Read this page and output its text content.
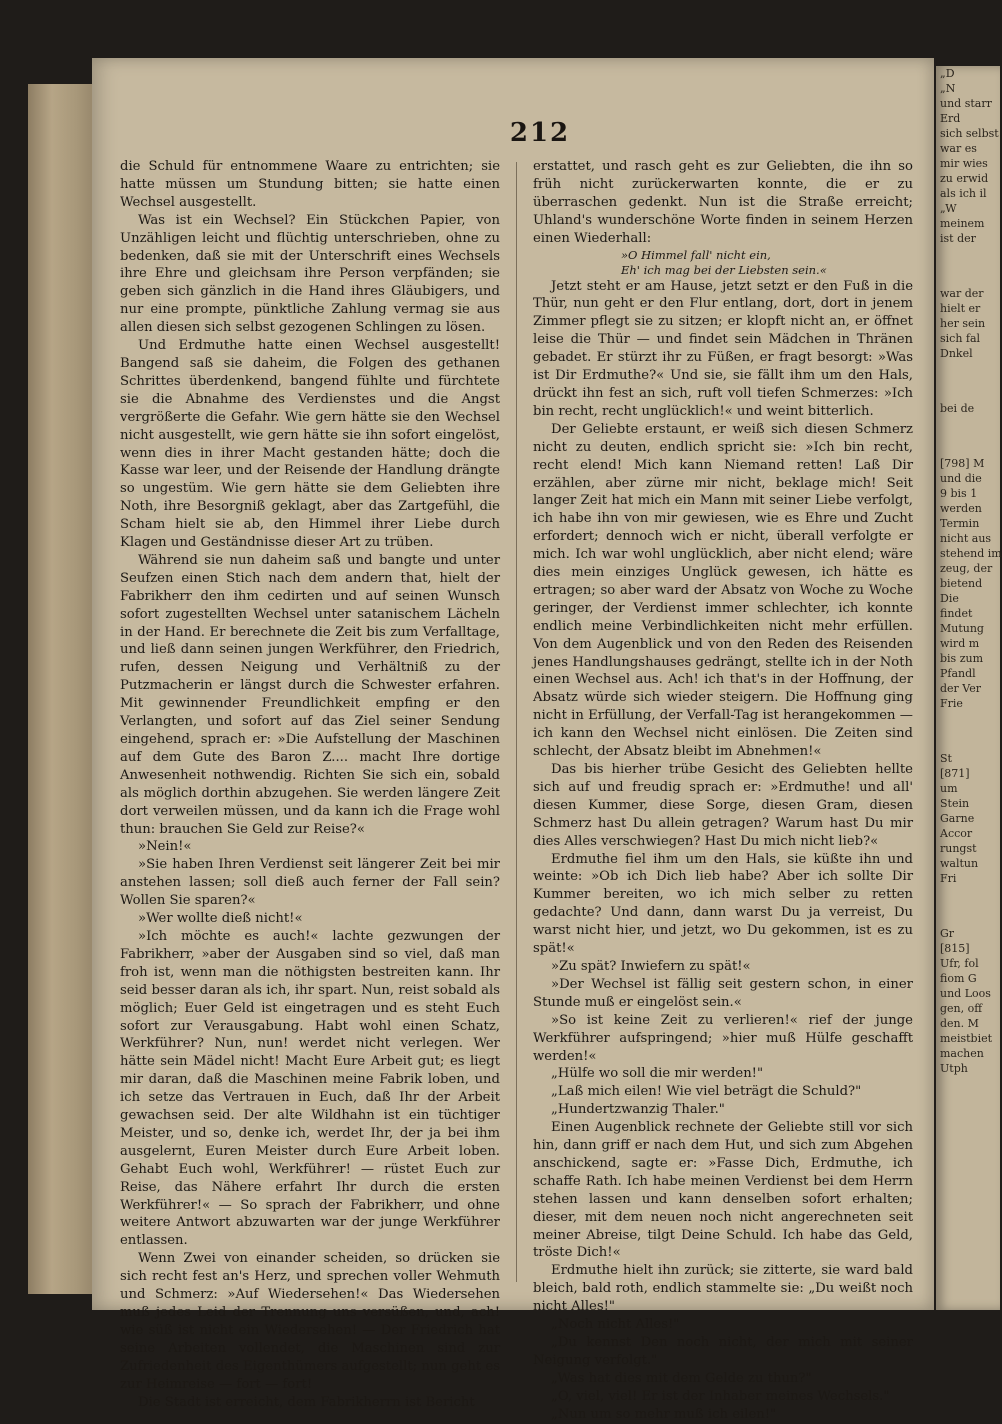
212

die Schuld für entnommene Waare zu entrichten; sie hatte müssen um Stundung bitten; sie hatte einen Wechsel ausgestellt.

Was ist ein Wechsel? Ein Stückchen Papier, von Unzähligen leicht und flüchtig unterschrieben, ohne zu bedenken, daß sie mit der Unterschrift eines Wechsels ihre Ehre und gleichsam ihre Person verpfänden; sie geben sich gänzlich in die Hand ihres Gläubigers, und nur eine prompte, pünktliche Zahlung vermag sie aus allen diesen sich selbst gezogenen Schlingen zu lösen.

Und Erdmuthe hatte einen Wechsel ausgestellt! Bangend saß sie daheim, die Folgen des gethanen Schrittes überdenkend, bangend fühlte und fürchtete sie die Abnahme des Verdienstes und die Angst vergrößerte die Gefahr. Wie gern hätte sie den Wechsel nicht ausgestellt, wie gern hätte sie ihn sofort eingelöst, wenn dies in ihrer Macht gestanden hätte; doch die Kasse war leer, und der Reisende der Handlung drängte so ungestüm. Wie gern hätte sie dem Geliebten ihre Noth, ihre Besorgniß geklagt, aber das Zartgefühl, die Scham hielt sie ab, den Himmel ihrer Liebe durch Klagen und Geständnisse dieser Art zu trüben.

Während sie nun daheim saß und bangte und unter Seufzen einen Stich nach dem andern that, hielt der Fabrikherr den ihm cedirten und auf seinen Wunsch sofort zugestellten Wechsel unter satanischem Lächeln in der Hand. Er berechnete die Zeit bis zum Verfalltage, und ließ dann seinen jungen Werkführer, den Friedrich, rufen, dessen Neigung und Verhältniß zu der Putzmacherin er längst durch die Schwester erfahren. Mit gewinnender Freundlichkeit empfing er den Verlangten, und sofort auf das Ziel seiner Sendung eingehend, sprach er: »Die Aufstellung der Maschinen auf dem Gute des Baron Z.... macht Ihre dortige Anwesenheit nothwendig. Richten Sie sich ein, sobald als möglich dorthin abzugehen. Sie werden längere Zeit dort verweilen müssen, und da kann ich die Frage wohl thun: brauchen Sie Geld zur Reise?«

»Nein!«

»Sie haben Ihren Verdienst seit längerer Zeit bei mir anstehen lassen; soll dieß auch ferner der Fall sein? Wollen Sie sparen?«

»Wer wollte dieß nicht!«

»Ich möchte es auch!« lachte gezwungen der Fabrikherr, »aber der Ausgaben sind so viel, daß man froh ist, wenn man die nöthigsten bestreiten kann. Ihr seid besser daran als ich, ihr spart. Nun, reist sobald als möglich; Euer Geld ist eingetragen und es steht Euch sofort zur Verausgabung. Habt wohl einen Schatz, Werkführer? Nun, nun! werdet nicht verlegen. Wer hätte sein Mädel nicht! Macht Eure Arbeit gut; es liegt mir daran, daß die Maschinen meine Fabrik loben, und ich setze das Vertrauen in Euch, daß Ihr der Arbeit gewachsen seid. Der alte Wildhahn ist ein tüchtiger Meister, und so, denke ich, werdet Ihr, der ja bei ihm ausgelernt, Euren Meister durch Eure Arbeit loben. Gehabt Euch wohl, Werkführer! — rüstet Euch zur Reise, das Nähere erfahrt Ihr durch die ersten Werkführer!« — So sprach der Fabrikherr, und ohne weitere Antwort abzuwarten war der junge Werkführer entlassen.

Wenn Zwei von einander scheiden, so drücken sie sich recht fest an's Herz, und sprechen voller Wehmuth und Schmerz: »Auf Wiedersehen!« Das Wiedersehen muß jedes Leid der Trennung uns versüßen, und, ach! wie süß ist nicht ein Wiedersehen! — Der Friedrich hat seine Arbeiten vollendet, die Maschinen sind zur Zufriedenheit des Eigenthümers aufgestellt; nun geht es zur Heimreise — fort — fort!

Die Stadt ist erreicht, dem Fabrikherrn ist Bericht

erstattet, und rasch geht es zur Geliebten, die ihn so früh nicht zurückerwarten konnte, die er zu überraschen gedenkt. Nun ist die Straße erreicht; Uhland's wunderschöne Worte finden in seinem Herzen einen Wiederhall:

»O Himmel fall' nicht ein,

Eh' ich mag bei der Liebsten sein.«

Jetzt steht er am Hause, jetzt setzt er den Fuß in die Thür, nun geht er den Flur entlang, dort, dort in jenem Zimmer pflegt sie zu sitzen; er klopft nicht an, er öffnet leise die Thür — und findet sein Mädchen in Thränen gebadet. Er stürzt ihr zu Füßen, er fragt besorgt: »Was ist Dir Erdmuthe?« Und sie, sie fällt ihm um den Hals, drückt ihn fest an sich, ruft voll tiefen Schmerzes: »Ich bin recht, recht unglücklich!« und weint bitterlich.

Der Geliebte erstaunt, er weiß sich diesen Schmerz nicht zu deuten, endlich spricht sie: »Ich bin recht, recht elend! Mich kann Niemand retten! Laß Dir erzählen, aber zürne mir nicht, beklage mich! Seit langer Zeit hat mich ein Mann mit seiner Liebe verfolgt, ich habe ihn von mir gewiesen, wie es Ehre und Zucht erfordert; dennoch wich er nicht, überall verfolgte er mich. Ich war wohl unglücklich, aber nicht elend; wäre dies mein einziges Unglück gewesen, ich hätte es ertragen; so aber ward der Absatz von Woche zu Woche geringer, der Verdienst immer schlechter, ich konnte endlich meine Verbindlichkeiten nicht mehr erfüllen. Von dem Augenblick und von den Reden des Reisenden jenes Handlungshauses gedrängt, stellte ich in der Noth einen Wechsel aus. Ach! ich that's in der Hoffnung, der Absatz würde sich wieder steigern. Die Hoffnung ging nicht in Erfüllung, der Verfall-Tag ist herangekommen — ich kann den Wechsel nicht einlösen. Die Zeiten sind schlecht, der Absatz bleibt im Abnehmen!«

Das bis hierher trübe Gesicht des Geliebten hellte sich auf und freudig sprach er: »Erdmuthe! und all' diesen Kummer, diese Sorge, diesen Gram, diesen Schmerz hast Du allein getragen? Warum hast Du mir dies Alles verschwiegen? Hast Du mich nicht lieb?«

Erdmuthe fiel ihm um den Hals, sie küßte ihn und weinte: »Ob ich Dich lieb habe? Aber ich sollte Dir Kummer bereiten, wo ich mich selber zu retten gedachte? Und dann, dann warst Du ja verreist, Du warst nicht hier, und jetzt, wo Du gekommen, ist es zu spät!«

»Zu spät? Inwiefern zu spät!«

»Der Wechsel ist fällig seit gestern schon, in einer Stunde muß er eingelöst sein.«

»So ist keine Zeit zu verlieren!« rief der junge Werkführer aufspringend; »hier muß Hülfe geschafft werden!«

„Hülfe wo soll die mir werden!"

„Laß mich eilen! Wie viel beträgt die Schuld?"

„Hundertzwanzig Thaler."

Einen Augenblick rechnete der Geliebte still vor sich hin, dann griff er nach dem Hut, und sich zum Abgehen anschickend, sagte er: »Fasse Dich, Erdmuthe, ich schaffe Rath. Ich habe meinen Verdienst bei dem Herrn stehen lassen und kann denselben sofort erhalten; dieser, mit dem neuen noch nicht angerechneten seit meiner Abreise, tilgt Deine Schuld. Ich habe das Geld, tröste Dich!«

Erdmuthe hielt ihn zurück; sie zitterte, sie ward bald bleich, bald roth, endlich stammelte sie: „Du weißt noch nicht Alles!"

„Noch nicht Alles!"

„Du kennst Den noch nicht, der mich mit seiner Neigung verfolgt."

„Was hat dies mit dem Gelde zu thun?"

„O, viel, viel! Er ist der Inhaber meines Wechsels."

„Nun um so mehr muß ich eilen!"

„D
„N
und starr
Erd
sich selbst
war es
mir wies
zu erwid
als ich il
„W
meinem
ist der
war der
hielt er
her sein
sich fal
Dnkel
bei de
[798] M
und die
9 bis 1
werden
Termin
nicht aus
stehend im
zeug, der
bietend
Die
findet
Mutung
wird m
bis zum
Pfandl
der Ver
Frie
St
[871]
um
Stein
Garne
Accor
rungst
waltun
Fri
Gr
[815]
Ufr, fol
fiom G
und Loos
gen, off
den. M
meistbiet
machen
Utph
